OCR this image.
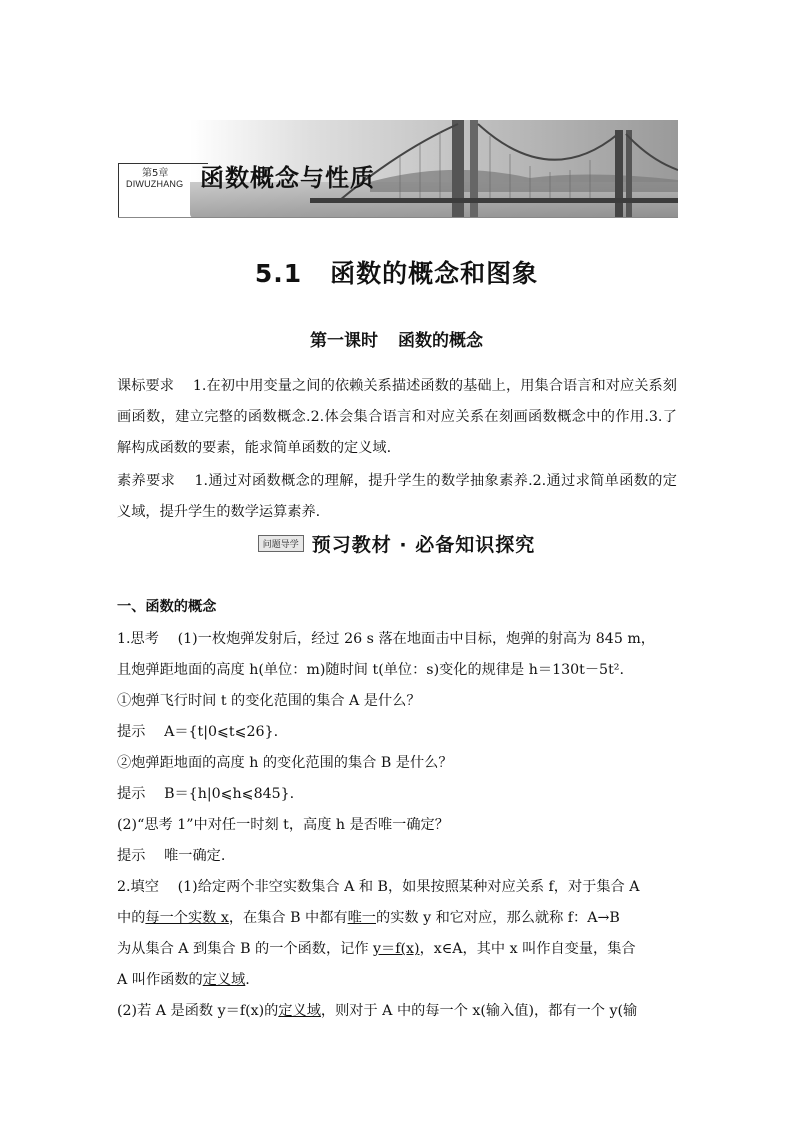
第5章
DIWUZHANG 函数概念与性质
5.1 函数的概念和图象
第一课时 函数的概念
课标要求　 1.在初中用变量之间的依赖关系描述函数的基础上，用集合语言和对应关系刻画函数，建立完整的函数概念.2.体会集合语言和对应关系在刻画函数概念中的作用.3.了解构成函数的要素，能求简单函数的定义域.
素养要求　 1.通过对函数概念的理解，提升学生的数学抽象素养.2.通过求简单函数的定义域，提升学生的数学运算素养.
问题导学 预习教材 · 必备知识探究
一、函数的概念
1.思考　 (1)一枚炮弹发射后，经过 26 s 落在地面击中目标，炮弹的射高为 845 m，
且炮弹距地面的高度 h(单位：m)随时间 t(单位：s)变化的规律是 h＝130t－5t².
①炮弹飞行时间 t 的变化范围的集合 A 是什么？
提示　 A＝{t|0⩽t⩽26}.
②炮弹距地面的高度 h 的变化范围的集合 B 是什么？
提示　 B＝{h|0⩽h⩽845}.
(2)“思考 1”中对任一时刻 t，高度 h 是否唯一确定？
提示　 唯一确定.
2.填空　 (1)给定两个非空实数集合 A 和 B，如果按照某种对应关系 f，对于集合 A
中的每一个实数 x，在集合 B 中都有唯一的实数 y 和它对应，那么就称 f：A→B
为从集合 A 到集合 B 的一个函数，记作 y＝f(x)，x∈A，其中 x 叫作自变量，集合
A 叫作函数的定义域.
(2)若 A 是函数 y＝f(x)的定义域，则对于 A 中的每一个 x(输入值)，都有一个 y(输
